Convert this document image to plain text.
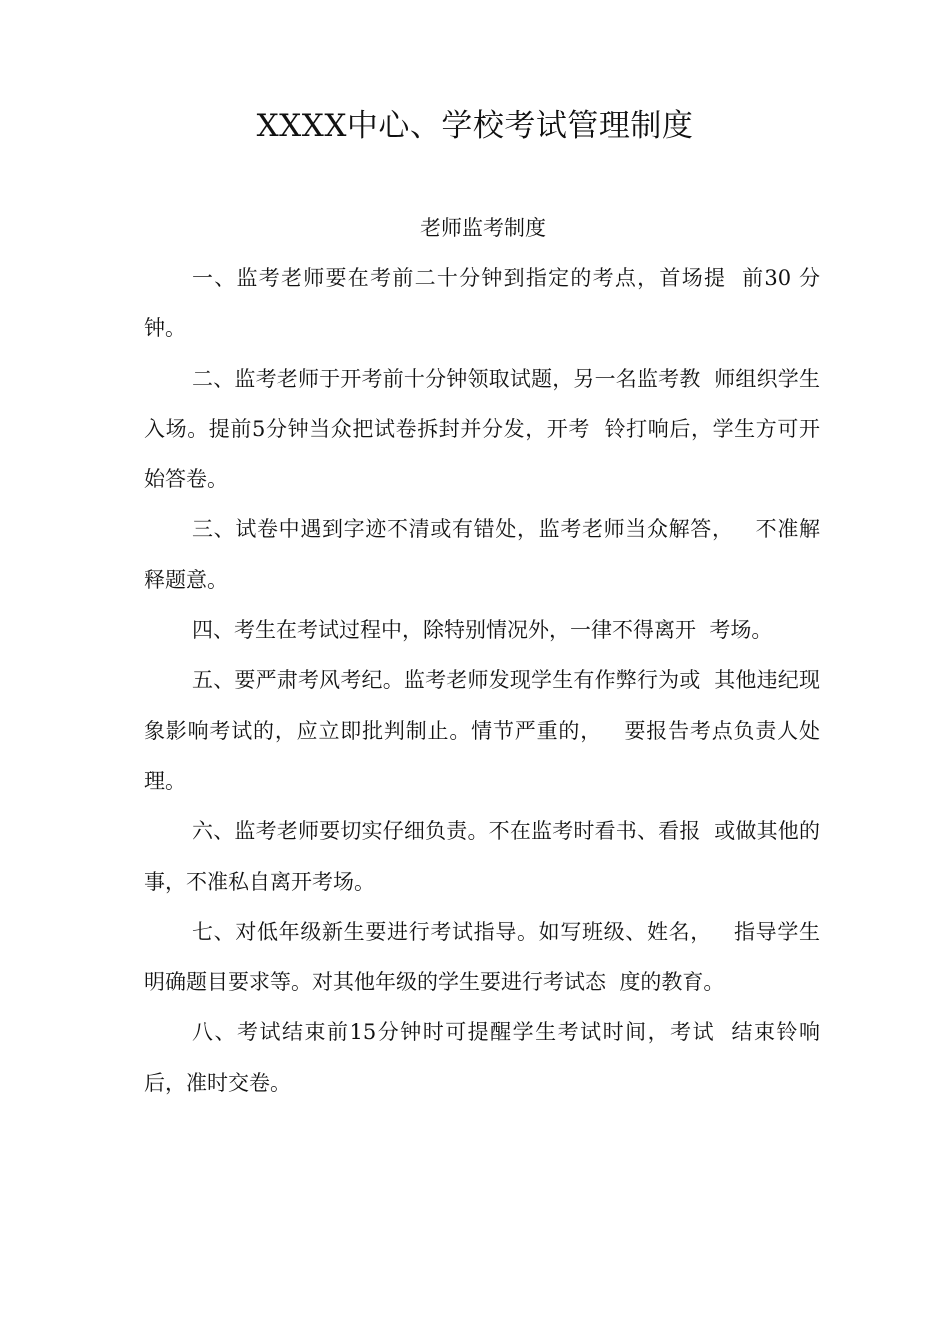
XXXX中心、学校考试管理制度
老师监考制度

一、监考老师要在考前二十分钟到指定的考点，首场提  前30 分钟。

二、监考老师于开考前十分钟领取试题，另一名监考教  师组织学生入场。提前5分钟当众把试卷拆封并分发，开考  铃打响后，学生方可开始答卷。

三、试卷中遇到字迹不清或有错处，监考老师当众解答，   不准解释题意。

四、考生在考试过程中，除特别情况外，一律不得离开  考场。

五、要严肃考风考纪。监考老师发现学生有作弊行为或  其他违纪现象影响考试的，应立即批判制止。情节严重的，   要报告考点负责人处理。

六、监考老师要切实仔细负责。不在监考时看书、看报  或做其他的事，不准私自离开考场。

七、对低年级新生要进行考试指导。如写班级、姓名，   指导学生明确题目要求等。对其他年级的学生要进行考试态  度的教育。

八、考试结束前15分钟时可提醒学生考试时间，考试  结束铃响后，准时交卷。
